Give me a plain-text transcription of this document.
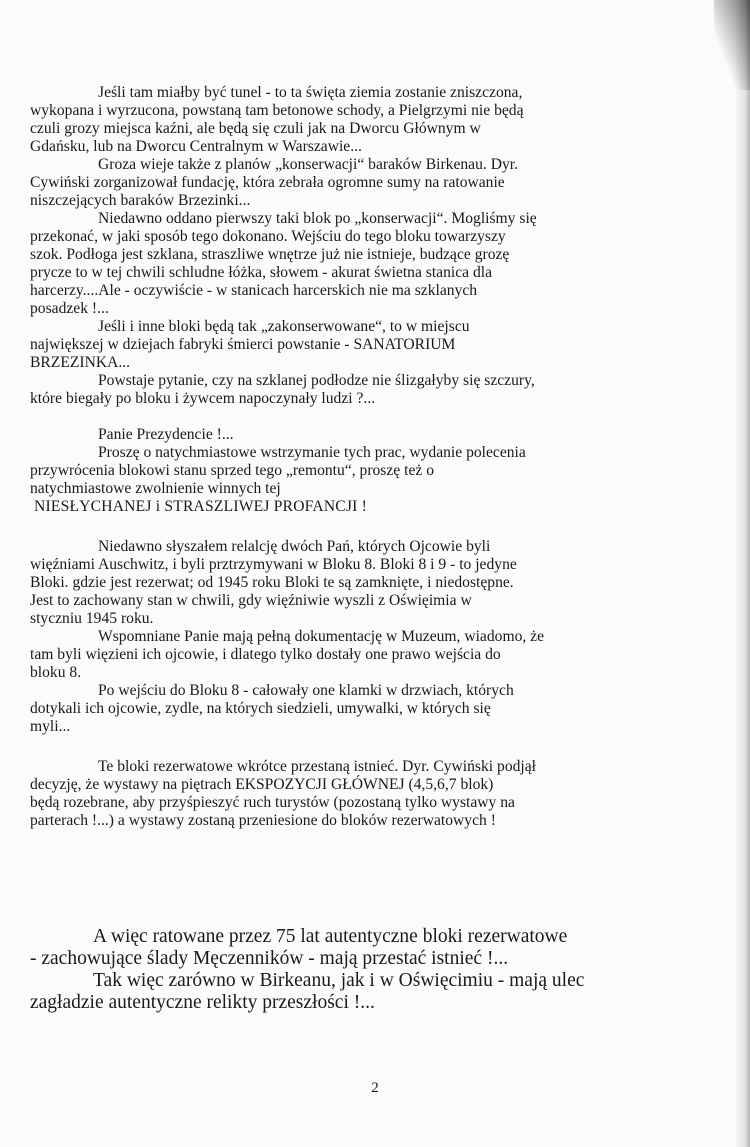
Jeśli tam miałby być tunel - to ta święta ziemia zostanie zniszczona,
wykopana i wyrzucona, powstaną tam betonowe schody, a Pielgrzymi nie będą
czuli grozy miejsca kaźni, ale będą się czuli jak na Dworcu Głównym w
Gdańsku, lub na Dworcu Centralnym w Warszawie...
Groza wieje także z planów „konserwacji“ baraków Birkenau. Dyr.
Cywiński zorganizował fundację, która zebrała ogromne sumy na ratowanie
niszczejących baraków Brzezinki...
Niedawno oddano pierwszy taki blok po „konserwacji“. Mogliśmy się
przekonać, w jaki sposób tego dokonano. Wejściu do tego bloku towarzyszy
szok. Podłoga jest szklana, straszliwe wnętrze już nie istnieje, budzące grozę
prycze to w tej chwili schludne łóżka, słowem - akurat świetna stanica dla
harcerzy....Ale - oczywiście - w stanicach harcerskich nie ma szklanych
posadzek !...
Jeśli i inne bloki będą tak „zakonserwowane“, to w miejscu
największej w dziejach fabryki śmierci powstanie - SANATORIUM
BRZEZINKA...
Powstaje pytanie, czy na szklanej podłodze nie ślizgałyby się szczury,
które biegały po bloku i żywcem napoczynały ludzi ?...
Panie Prezydencie !...
Proszę o natychmiastowe wstrzymanie tych prac, wydanie polecenia
przywrócenia blokowi stanu sprzed tego „remontu“, proszę też o
natychmiastowe zwolnienie winnych tej
NIESŁYCHANEJ i STRASZLIWEJ PROFANCJI !
Niedawno słyszałem relalcję dwóch Pań, których Ojcowie byli
więźniami Auschwitz, i byli prztrzymywani w Bloku 8. Bloki 8 i 9 - to jedyne
Bloki. gdzie jest rezerwat; od 1945 roku Bloki te są zamknięte, i niedostępne.
Jest to zachowany stan w chwili, gdy więźniwie wyszli z Oświęimia w
styczniu 1945 roku.
Wspomniane Panie mają pełną dokumentację w Muzeum, wiadomo, że
tam byli więzieni ich ojcowie, i dlatego tylko dostały one prawo wejścia do
bloku 8.
Po wejściu do Bloku 8 - całowały one klamki w drzwiach, których
dotykali ich ojcowie, zydle, na których siedzieli, umywalki, w których się
myli...
Te bloki rezerwatowe wkrótce przestaną istnieć. Dyr. Cywiński podjął
decyzję, że wystawy na piętrach EKSPOZYCJI GŁÓWNEJ (4,5,6,7 blok)
będą rozebrane, aby przyśpieszyć ruch turystów (pozostaną tylko wystawy na
parterach !...) a wystawy zostaną przeniesione do bloków rezerwatowych !
A więc ratowane przez 75 lat autentyczne bloki rezerwatowe
- zachowujące ślady Męczenników - mają przestać istnieć !...
Tak więc zarówno w Birkeanu, jak i w Oświęcimiu - mają ulec
zagładzie autentyczne relikty przeszłości !...
2
